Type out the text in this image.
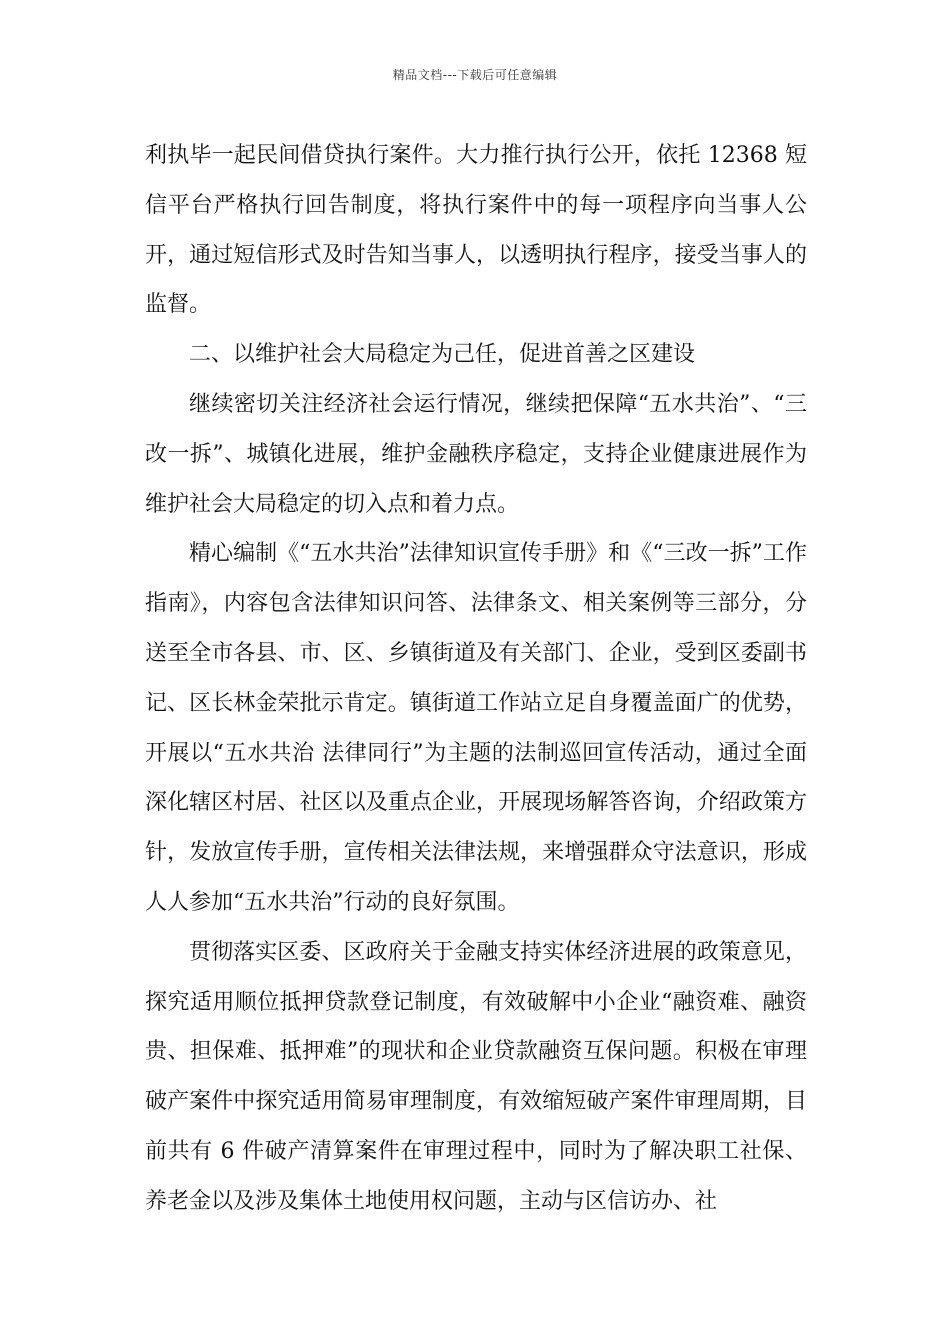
精品文档---下载后可任意编辑

利执毕一起民间借贷执行案件。大力推行执行公开，依托 12368 短信平台严格执行回告制度，将执行案件中的每一项程序向当事人公开，通过短信形式及时告知当事人，以透明执行程序，接受当事人的监督。

二、以维护社会大局稳定为己任，促进首善之区建设

继续密切关注经济社会运行情况，继续把保障“五水共治”、“三改一拆”、城镇化进展，维护金融秩序稳定，支持企业健康进展作为维护社会大局稳定的切入点和着力点。

精心编制《“五水共治”法律知识宣传手册》和《“三改一拆”工作指南》，内容包含法律知识问答、法律条文、相关案例等三部分，分送至全市各县、市、区、乡镇街道及有关部门、企业，受到区委副书记、区长林金荣批示肯定。镇街道工作站立足自身覆盖面广的优势，开展以“五水共治 法律同行”为主题的法制巡回宣传活动，通过全面深化辖区村居、社区以及重点企业，开展现场解答咨询，介绍政策方针，发放宣传手册，宣传相关法律法规，来增强群众守法意识，形成人人参加“五水共治”行动的良好氛围。

贯彻落实区委、区政府关于金融支持实体经济进展的政策意见，探究适用顺位抵押贷款登记制度，有效破解中小企业“融资难、融资贵、担保难、抵押难”的现状和企业贷款融资互保问题。积极在审理破产案件中探究适用简易审理制度，有效缩短破产案件审理周期，目前共有 6 件破产清算案件在审理过程中，同时为了解决职工社保、养老金以及涉及集体土地使用权问题，主动与区信访办、社
